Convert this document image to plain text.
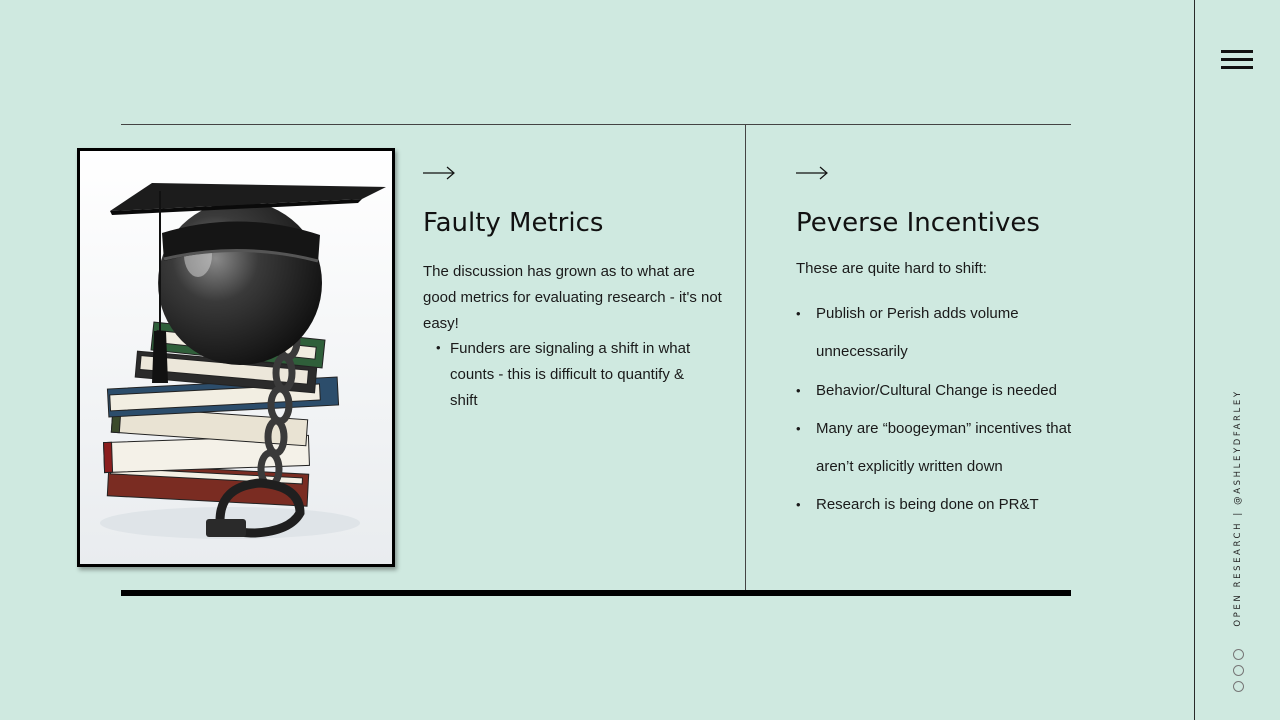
OPEN RESEARCH | @ASHLEYDFARLEY
Faulty Metrics

The discussion has grown as to what are good metrics for evaluating research - it's not easy!

• Funders are signaling a shift in what counts - this is difficult to quantify & shift

Peverse Incentives

These are quite hard to shift:

• Publish or Perish adds volume unnecessarily
• Behavior/Cultural Change is needed
• Many are “boogeyman” incentives that aren’t explicitly written down
• Research is being done on PR&T
